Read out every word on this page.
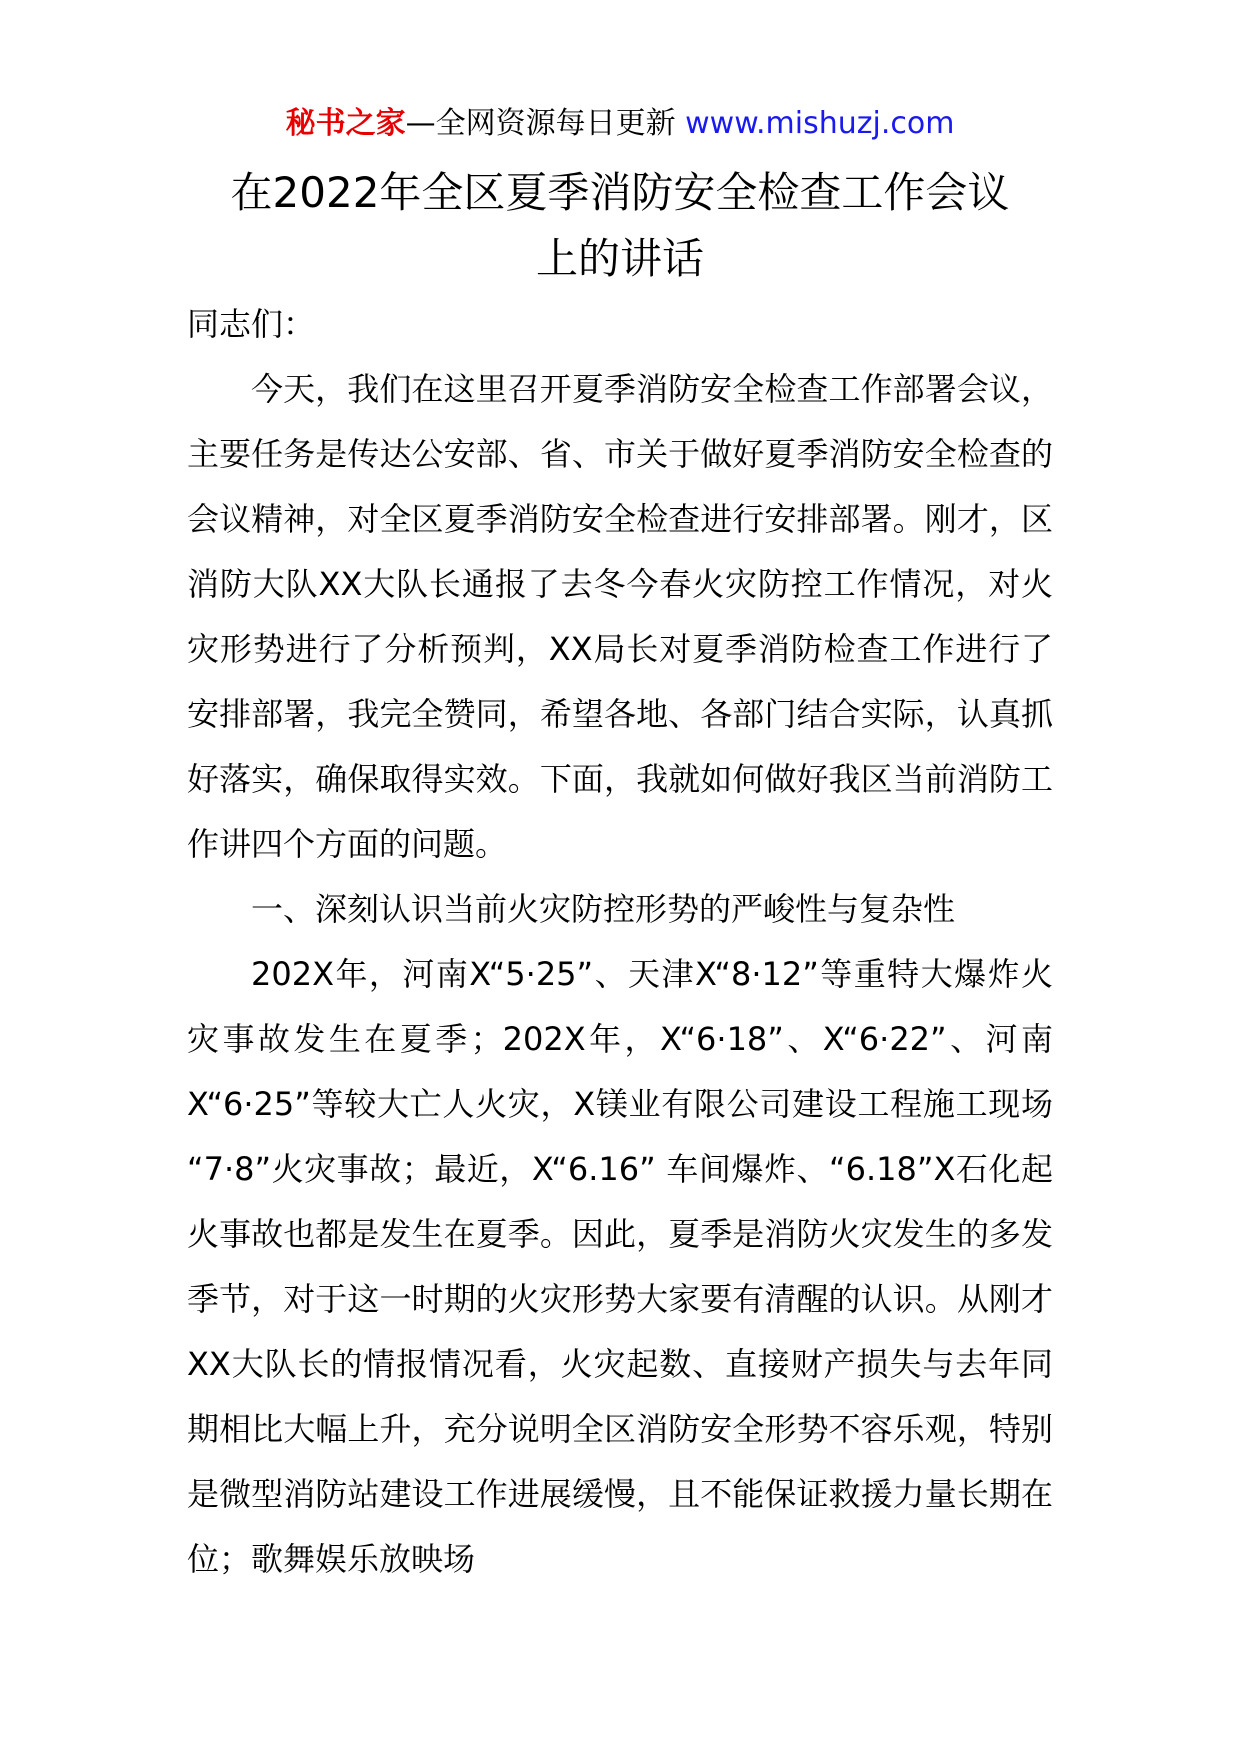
秘书之家—全网资源每日更新 www.mishuzj.com
在2022年全区夏季消防安全检查工作会议
上的讲话

同志们：

今天，我们在这里召开夏季消防安全检查工作部署会议，主要任务是传达公安部、省、市关于做好夏季消防安全检查的会议精神，对全区夏季消防安全检查进行安排部署。刚才，区消防大队XX大队长通报了去冬今春火灾防控工作情况，对火灾形势进行了分析预判，XX局长对夏季消防检查工作进行了安排部署，我完全赞同，希望各地、各部门结合实际，认真抓好落实，确保取得实效。下面，我就如何做好我区当前消防工作讲四个方面的问题。

一、深刻认识当前火灾防控形势的严峻性与复杂性

202X年，河南X“5·25”、天津X“8·12”等重特大爆炸火灾事故发生在夏季；202X年，X“6·18”、X“6·22”、河南X“6·25”等较大亡人火灾，X镁业有限公司建设工程施工现场 “7·8”火灾事故；最近，X“6.16” 车间爆炸、“6.18”X石化起火事故也都是发生在夏季。因此，夏季是消防火灾发生的多发季节，对于这一时期的火灾形势大家要有清醒的认识。从刚才XX大队长的情报情况看，火灾起数、直接财产损失与去年同期相比大幅上升，充分说明全区消防安全形势不容乐观，特别是微型消防站建设工作进展缓慢，且不能保证救援力量长期在位；歌舞娱乐放映场
